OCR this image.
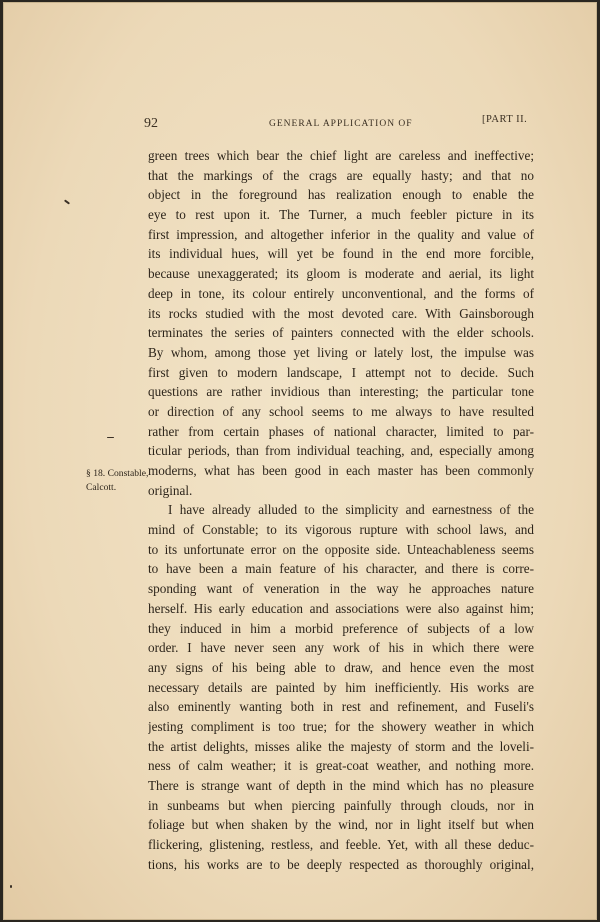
92	GENERAL APPLICATION OF	[PART II.
§ 18. Constable,
Calcott.
green trees which bear the chief light are careless and ineffective;
that the markings of the crags are equally hasty; and that no
object in the foreground has realization enough to enable the
eye to rest upon it. The Turner, a much feebler picture in its
first impression, and altogether inferior in the quality and value of
its individual hues, will yet be found in the end more forcible,
because unexaggerated; its gloom is moderate and aerial, its light
deep in tone, its colour entirely unconventional, and the forms of
its rocks studied with the most devoted care. With Gainsborough
terminates the series of painters connected with the elder schools.
By whom, among those yet living or lately lost, the impulse was
first given to modern landscape, I attempt not to decide. Such
questions are rather invidious than interesting; the particular tone
or direction of any school seems to me always to have resulted
rather from certain phases of national character, limited to par-
ticular periods, than from individual teaching, and, especially among
moderns, what has been good in each master has been commonly
original.
I have already alluded to the simplicity and earnestness of the
mind of Constable; to its vigorous rupture with school laws, and
to its unfortunate error on the opposite side. Unteachableness seems
to have been a main feature of his character, and there is corre-
sponding want of veneration in the way he approaches nature
herself. His early education and associations were also against him;
they induced in him a morbid preference of subjects of a low
order. I have never seen any work of his in which there were
any signs of his being able to draw, and hence even the most
necessary details are painted by him inefficiently. His works are
also eminently wanting both in rest and refinement, and Fuseli's
jesting compliment is too true; for the showery weather in which
the artist delights, misses alike the majesty of storm and the loveli-
ness of calm weather; it is great-coat weather, and nothing more.
There is strange want of depth in the mind which has no pleasure
in sunbeams but when piercing painfully through clouds, nor in
foliage but when shaken by the wind, nor in light itself but when
flickering, glistening, restless, and feeble. Yet, with all these deduc-
tions, his works are to be deeply respected as thoroughly original,
